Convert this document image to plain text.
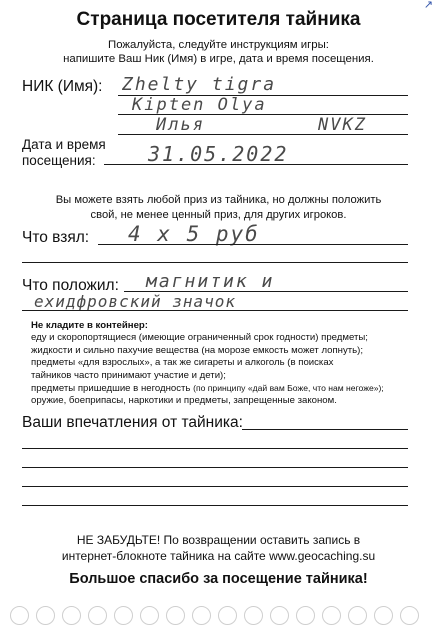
↗
Страница посетителя тайника
Пожалуйста, следуйте инструкциям игры:
напишите Ваш Ник (Имя) в игре, дата и время посещения.
НИК (Имя): Zhelty tigra
Kipten Olya
Илья	NVKZ
Дата и время
посещения:	31.05.2022
Вы можете взять любой приз из тайника, но должны положить
свой, не менее ценный приз, для других игроков.
Что взял: 4 x 5 руб
Что положил: магнитик и
ехидфровский значок
Не кладите в контейнер:
еду и скоропортящиеся (имеющие ограниченный срок годности) предметы;
жидкости и сильно пахучие вещества (на морозе емкость может лопнуть);
предметы «для взрослых», а так же сигареты и алкоголь (в поисках
тайников часто принимают участие и дети);
предметы пришедшие в негодность (по принципу «дай вам Боже, что нам негоже»);
оружие, боеприпасы, наркотики и предметы, запрещенные законом.
Ваши впечатления от тайника:
НЕ ЗАБУДЬТЕ! По возвращении оставить запись в
интернет-блокноте тайника на сайте www.geocaching.su
Большое спасибо за посещение тайника!
